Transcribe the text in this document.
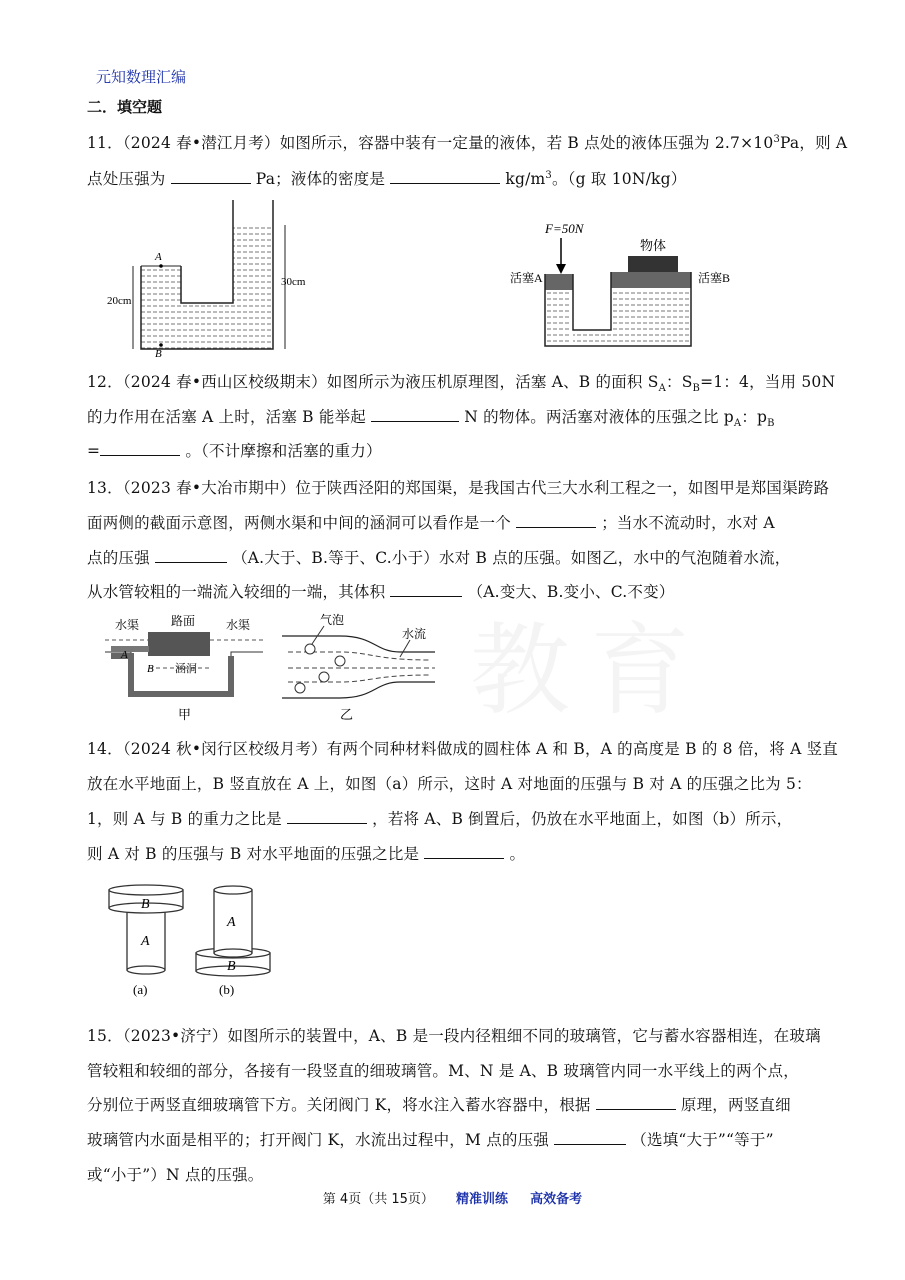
元知数理汇编
二．填空题
11．（2024 春•潜江月考）如图所示，容器中装有一定量的液体，若 B 点处的液体压强为 $2.7\times 10^3Pa$，则 A
点处压强为	Pa；液体的密度是	$kg/m^3$。（g 取 10N/kg）
20cm
30cm
A
B
F=50N
物体
活塞A	活塞B
12．（2024 春•西山区校级期末）如图所示为液压机原理图，活塞 A、B 的面积 $S_A$：$S_B=1$：4，当用 50N
的力作用在活塞 A 上时，活塞 B 能举起	N 的物体。两活塞对液体的压强之比 $p_A$：$p_B$
=	。（不计摩擦和活塞的重力）
13．（2023 春•大冶市期中）位于陕西泾阳的郑国渠，是我国古代三大水利工程之一，如图甲是郑国渠跨路
面两侧的截面示意图，两侧水渠和中间的涵洞可以看作是一个	；当水不流动时，水对 A
点的压强	（A.大于、B.等于、C.小于）水对 B 点的压强。如图乙，水中的气泡随着水流，
从水管较粗的一端流入较细的一端，其体积	（A.变大、B.变小、C.不变）
水渠	路面	水渠
A
B 涵洞
甲
气泡
水流
乙
14．（2024 秋•闵行区校级月考）有两个同种材料做成的圆柱体 A 和 B，A 的高度是 B 的 8 倍，将 A 竖直
放在水平地面上，B 竖直放在 A 上，如图（a）所示，这时 A 对地面的压强与 B 对 A 的压强之比为 5：
1，则 A 与 B 的重力之比是	，若将 A、B 倒置后，仍放在水平地面上，如图（b）所示，
则 A 对 B 的压强与 B 对水平地面的压强之比是	。
B
A
(a)
A
B
(b)
15．（2023•济宁）如图所示的装置中，A、B 是一段内径粗细不同的玻璃管，它与蓄水容器相连，在玻璃
管较粗和较细的部分，各接有一段竖直的细玻璃管。M、N 是 A、B 玻璃管内同一水平线上的两个点，
分别位于两竖直细玻璃管下方。关闭阀门 K，将水注入蓄水容器中，根据	原理，两竖直细
玻璃管内水面是相平的；打开阀门 K，水流出过程中，M 点的压强	（选填“大于”“等于”
或“小于”）N 点的压强。
第 4页（共 15页） 精准训练 高效备考
